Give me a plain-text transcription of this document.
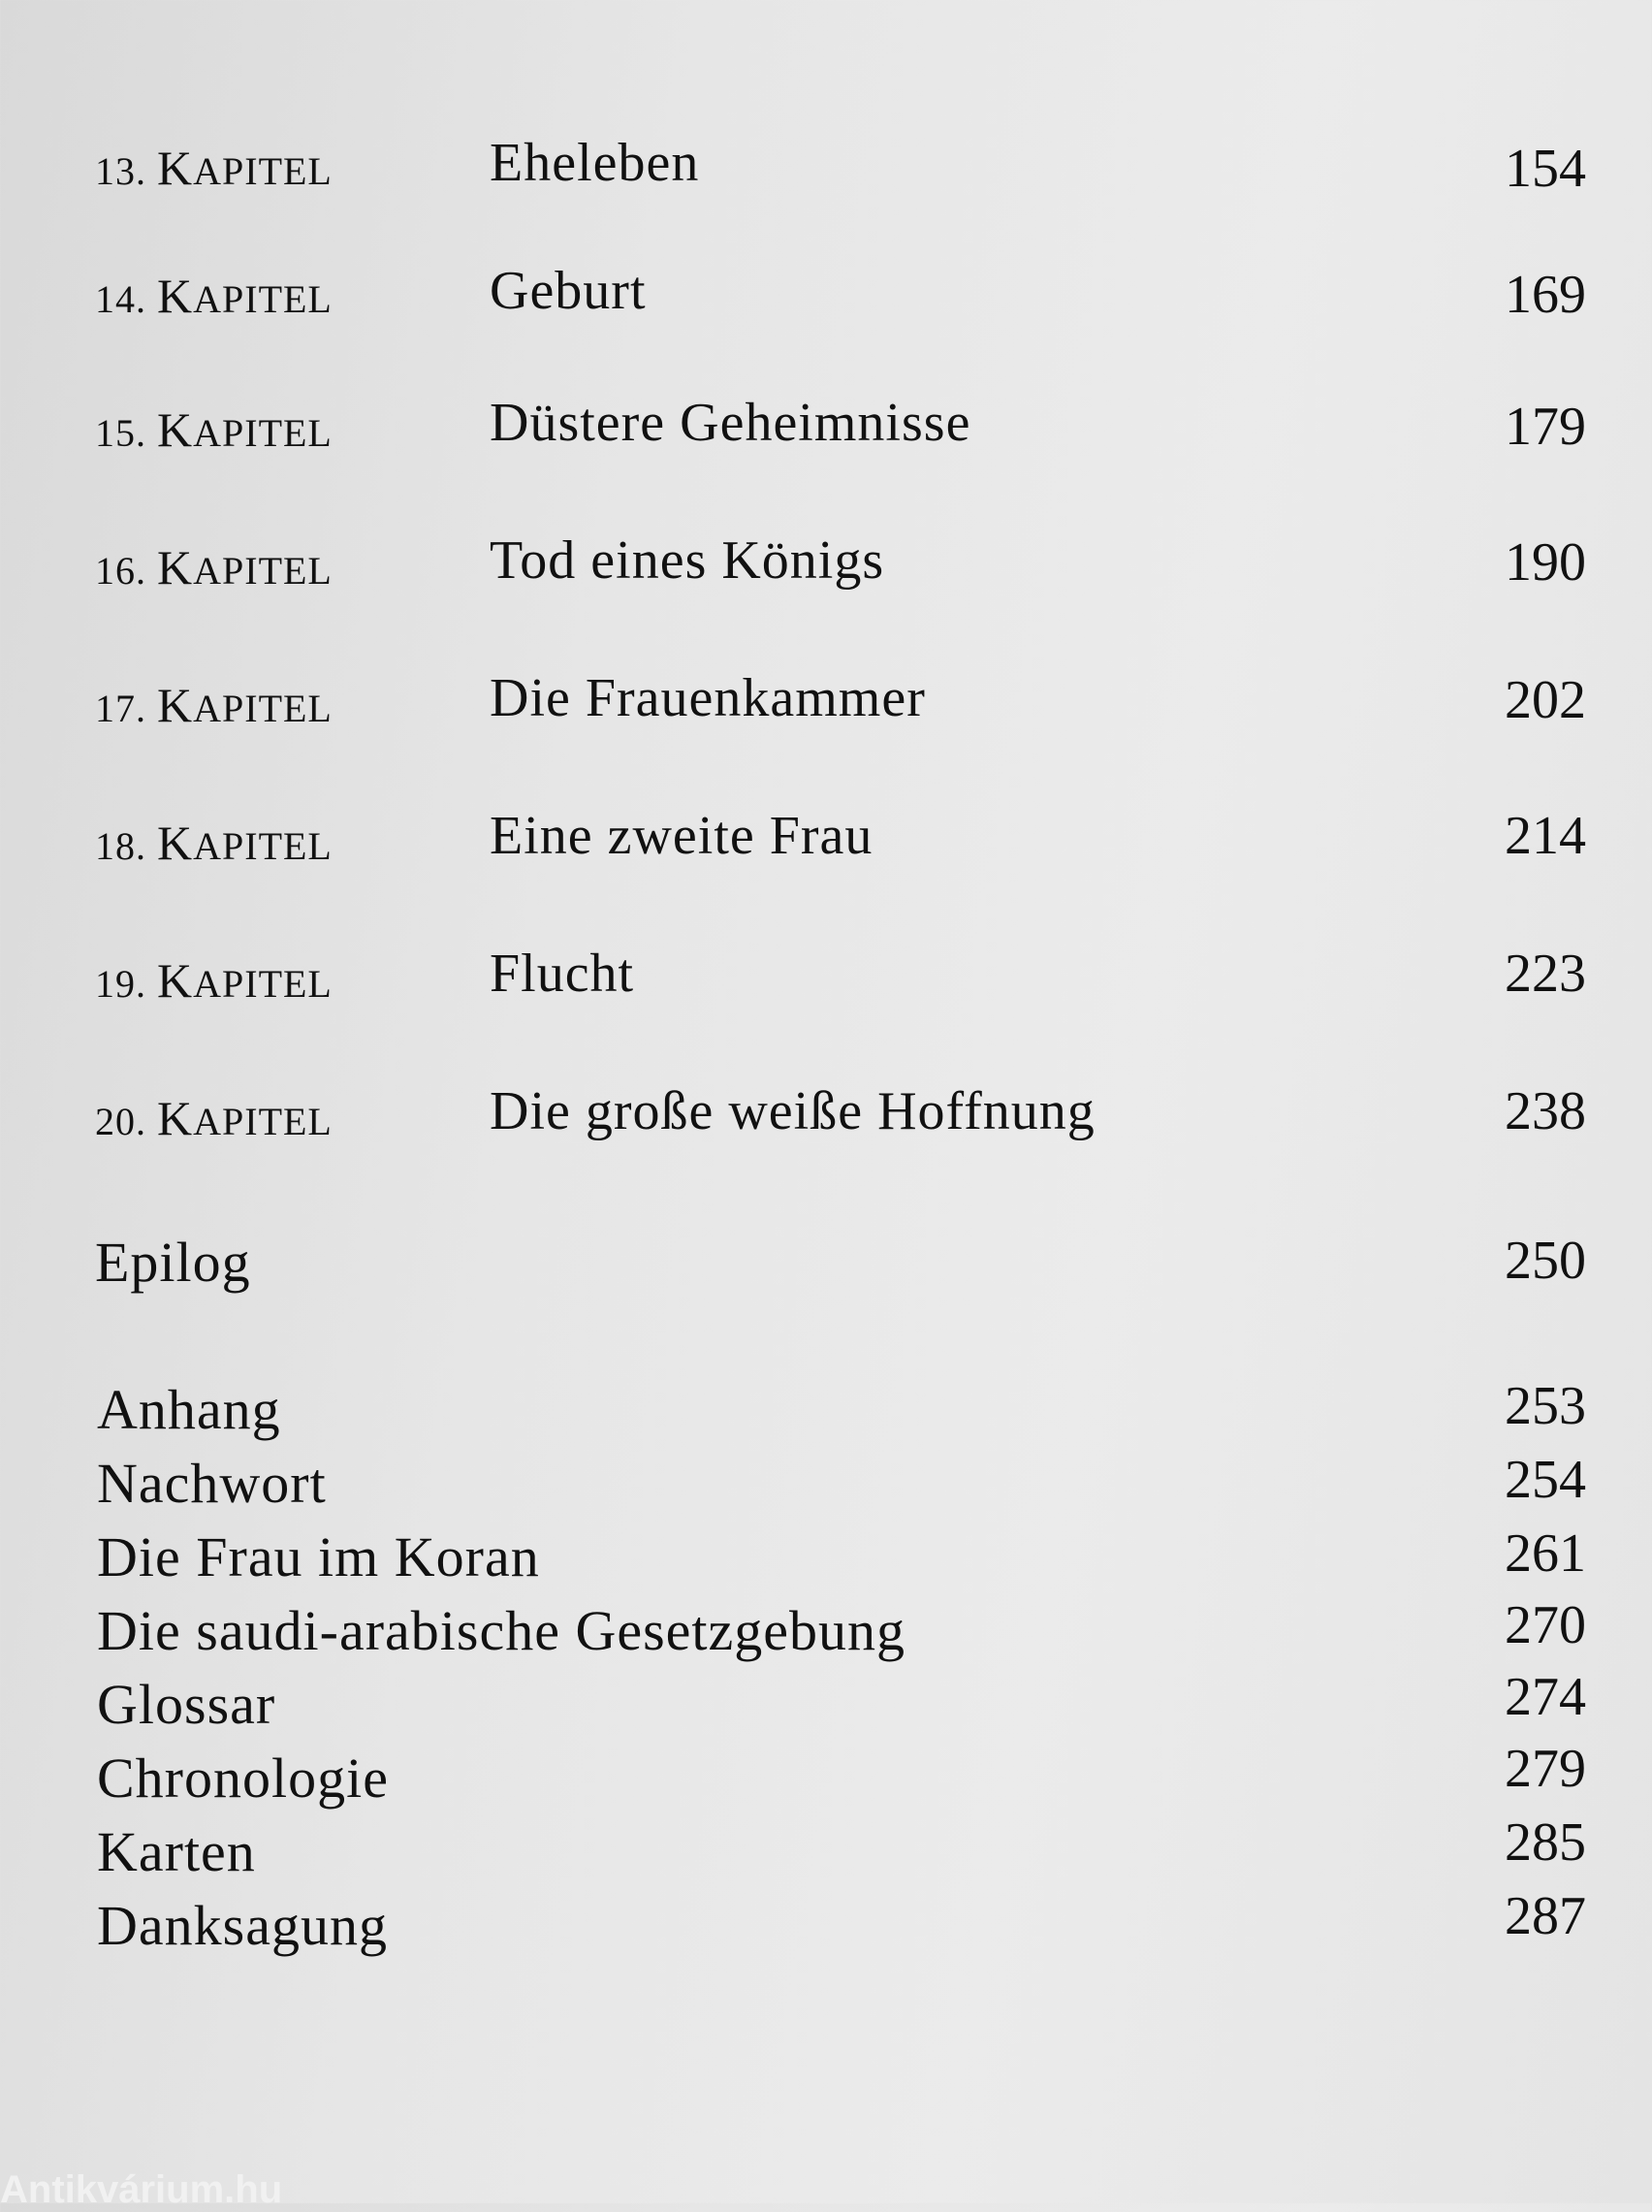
13. KAPITEL	Eheleben	154
14. KAPITEL	Geburt	169
15. KAPITEL	Düstere Geheimnisse	179
16. KAPITEL	Tod eines Königs	190
17. KAPITEL	Die Frauenkammer	202
18. KAPITEL	Eine zweite Frau	214
19. KAPITEL	Flucht	223
20. KAPITEL	Die große weiße Hoffnung	238
Epilog	250
Anhang	253
Nachwort	254
Die Frau im Koran	261
Die saudi-arabische Gesetzgebung	270
Glossar	274
Chronologie	279
Karten	285
Danksagung	287
Antikvárium.hu
